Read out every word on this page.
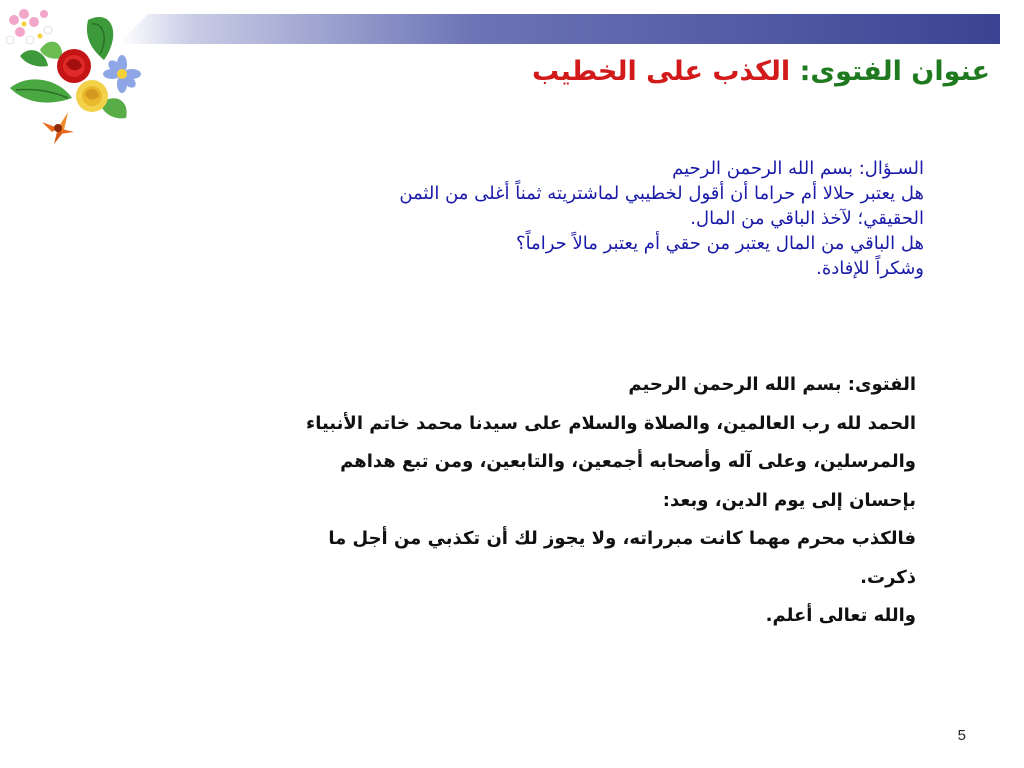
عنوان الفتوى: الكذب على الخطيب

السـؤال: بسم الله الرحمن الرحيم

هل يعتبر حلالا أم حراما أن أقول لخطيبي لماشتريته ثمناً أغلى من الثمن

الحقيقي؛ لآخذ الباقي من المال.

هل الباقي من المال يعتبر من حقي أم يعتبر مالاً حراماً؟

وشكراً للإفادة.

الفتوى: بسم الله الرحمن الرحيم

الحمد لله رب العالمين، والصلاة والسلام على سيدنا محمد خاتم الأنبياء

والمرسلين، وعلى آله وأصحابه أجمعين، والتابعين، ومن تبع هداهم

بإحسان إلى يوم الدين، وبعد:

فالكذب محرم مهما كانت مبرراته، ولا يجوز لك أن تكذبي من أجل ما

ذكرت.

والله تعالى أعلم.

5
